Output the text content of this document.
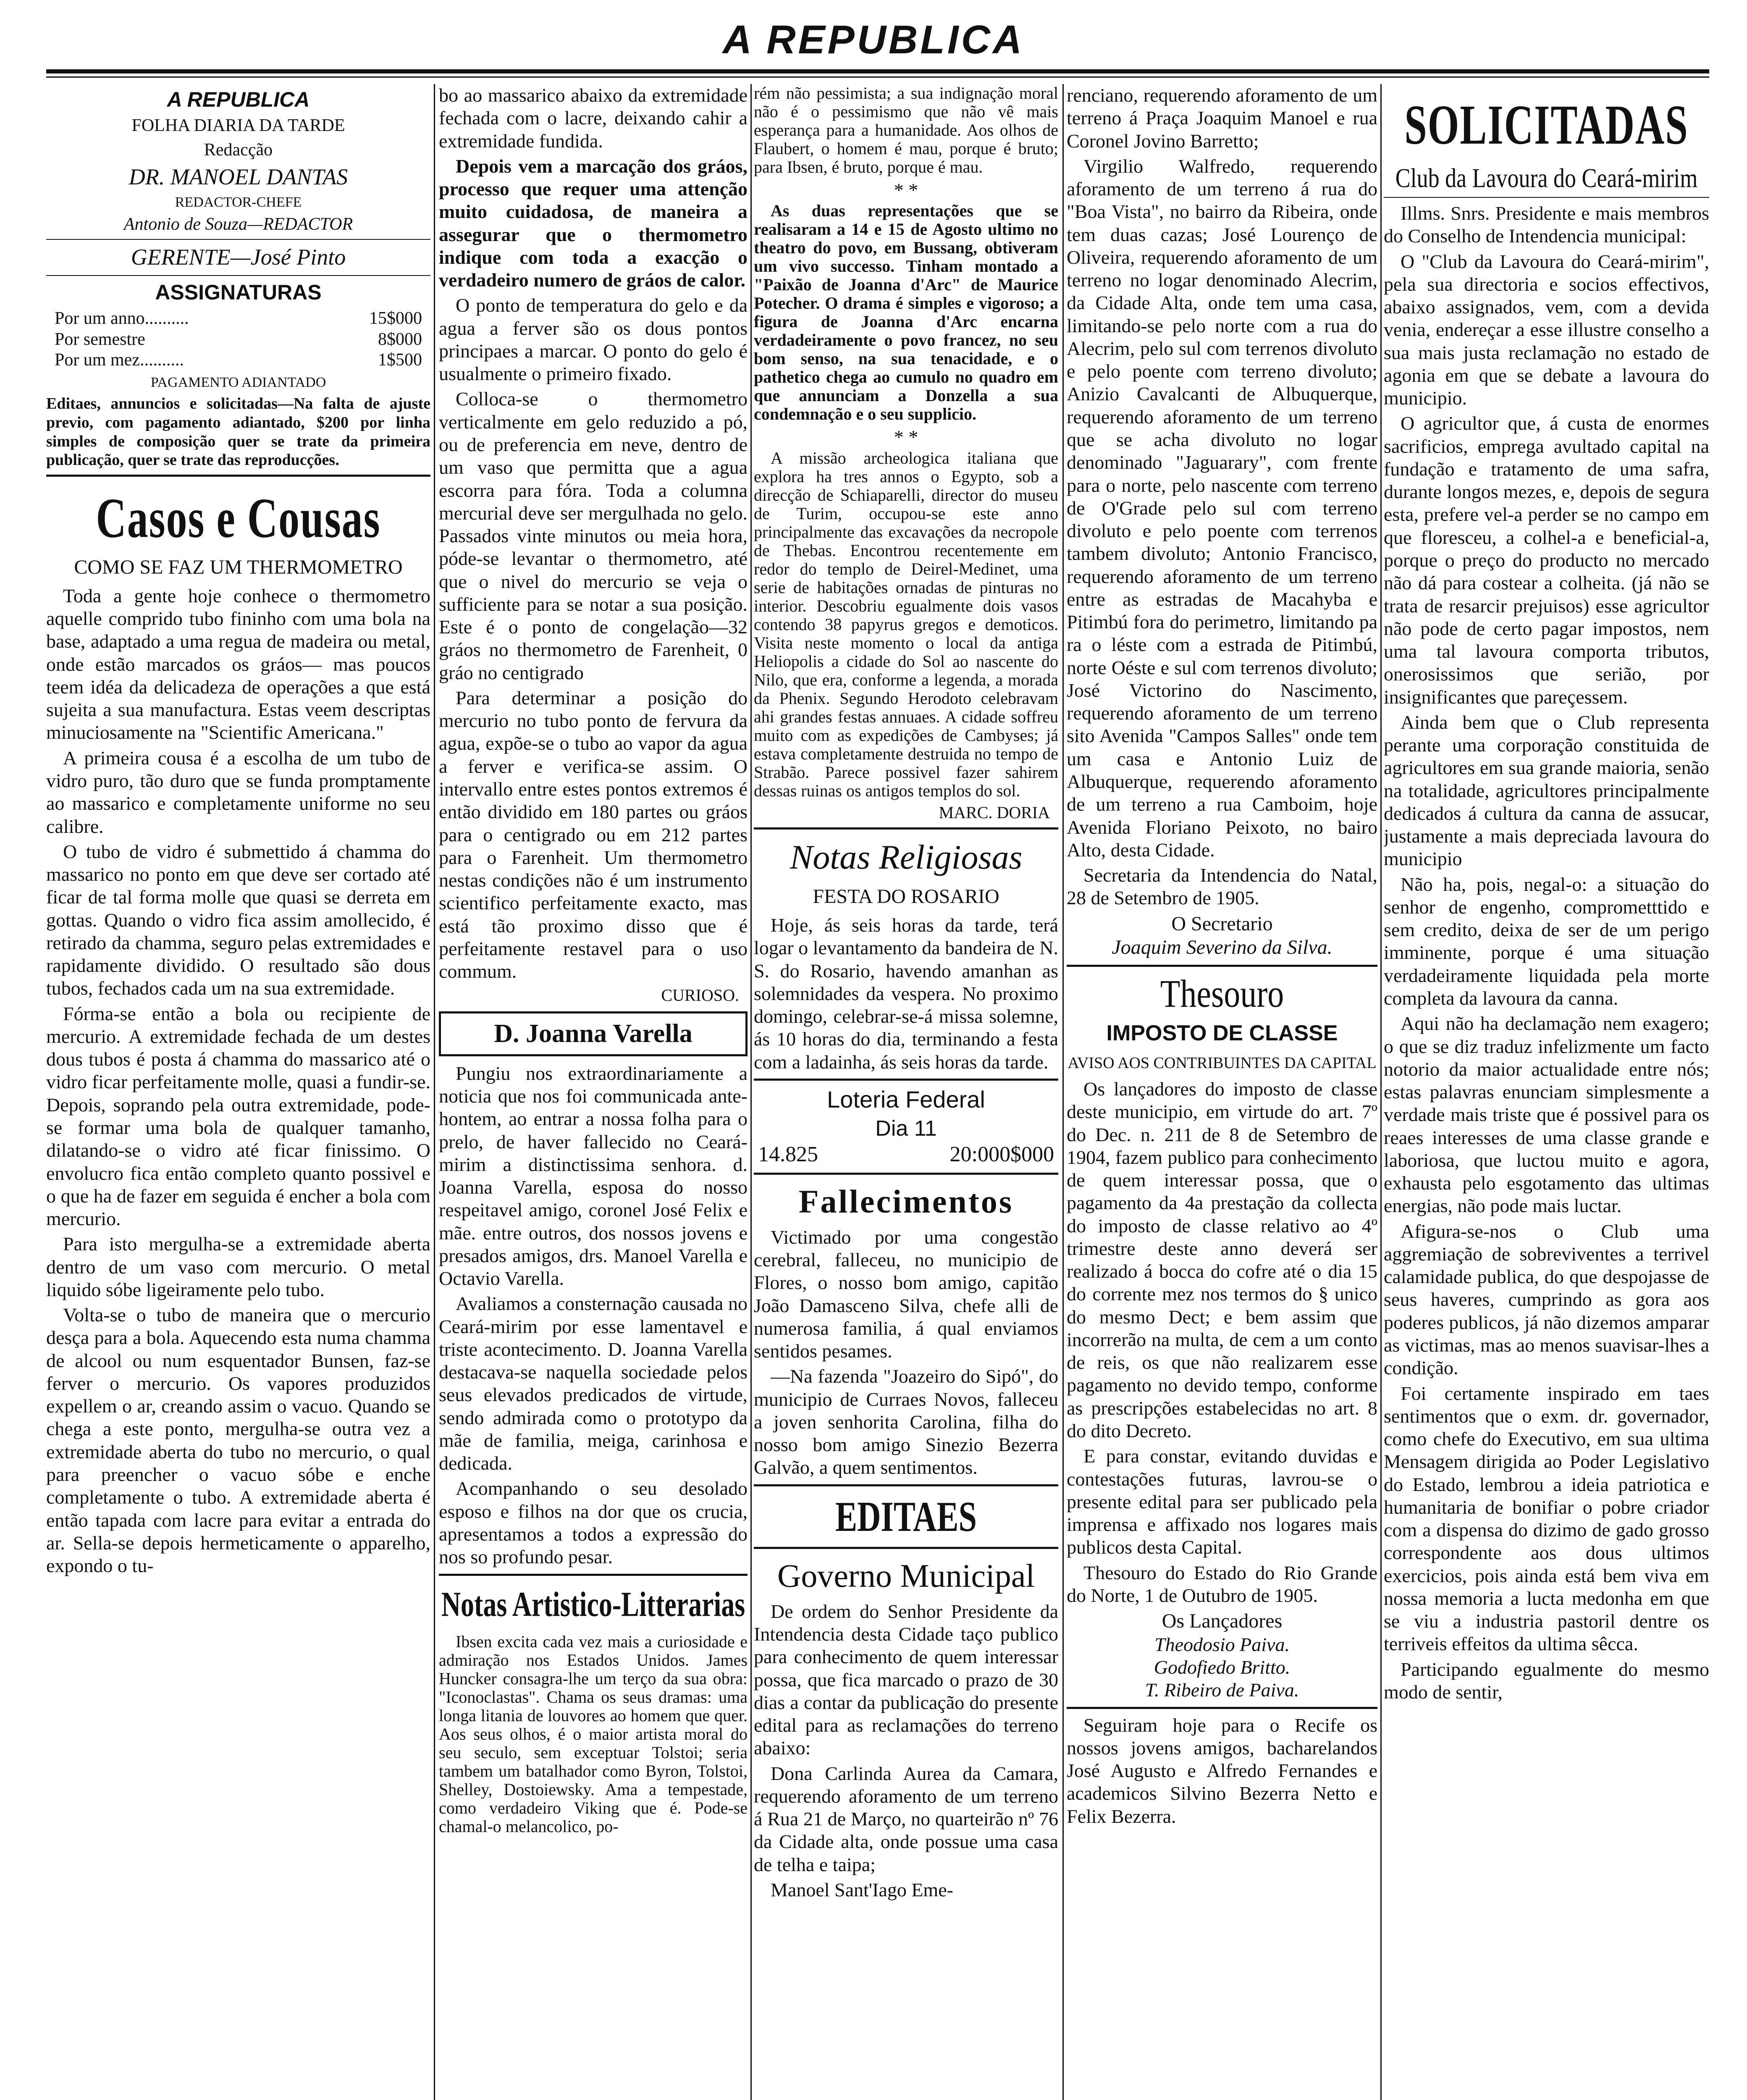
A REPUBLICA
A REPUBLICA
FOLHA DIARIA DA TARDE
Redacção
DR. MANOEL DANTAS
REDACTOR-CHEFE
Antonio de Souza—REDACTOR
GERENTE—José Pinto
ASSIGNATURAS
Por um anno..........	15$000
Por semestre	8$000
Por um mez..........	1$500
PAGAMENTO ADIANTADO

Editaes, annuncios e solicitadas—Na falta de ajuste previo, com pagamento adiantado, $200 por linha simples de composição quer se trate da primeira publicação, quer se trate das reproducções.

Casos e Cousas
COMO SE FAZ UM THERMOMETRO

Toda a gente hoje conhece o thermometro aquelle comprido tubo fininho com uma bola na base, adaptado a uma regua de madeira ou metal, onde estão marcados os gráos— mas poucos teem idéa da delicadeza de operações a que está sujeita a sua manufactura. Estas veem descriptas minuciosamente na "Scientific Americana."

A primeira cousa é a escolha de um tubo de vidro puro, tão duro que se funda promptamente ao massarico e completamente uniforme no seu calibre.

O tubo de vidro é submettido á chamma do massarico no ponto em que deve ser cortado até ficar de tal forma molle que quasi se derreta em gottas. Quando o vidro fica assim amollecido, é retirado da chamma, seguro pelas extremidades e rapidamente dividido. O resultado são dous tubos, fechados cada um na sua extremidade.

Fórma-se então a bola ou recipiente de mercurio. A extremidade fechada de um destes dous tubos é posta á chamma do massarico até o vidro ficar perfeitamente molle, quasi a fundir-se. Depois, soprando pela outra extremidade, pode-se formar uma bola de qualquer tamanho, dilatando-se o vidro até ficar finissimo. O envolucro fica então completo quanto possivel e o que ha de fazer em seguida é encher a bola com mercurio.

Para isto mergulha-se a extremidade aberta dentro de um vaso com mercurio. O metal liquido sóbe ligeiramente pelo tubo.

Volta-se o tubo de maneira que o mercurio desça para a bola. Aquecendo esta numa chamma de alcool ou num esquentador Bunsen, faz-se ferver o mercurio. Os vapores produzidos expellem o ar, creando assim o vacuo. Quando se chega a este ponto, mergulha-se outra vez a extremidade aberta do tubo no mercurio, o qual para preencher o vacuo sóbe e enche completamente o tubo. A extremidade aberta é então tapada com lacre para evitar a entrada do ar. Sella-se depois hermeticamente o apparelho, expondo o tu-

bo ao massarico abaixo da extremidade fechada com o lacre, deixando cahir a extremidade fundida.

Depois vem a marcação dos gráos, processo que requer uma attenção muito cuidadosa, de maneira a assegurar que o thermometro indique com toda a exacção o verdadeiro numero de gráos de calor.

O ponto de temperatura do gelo e da agua a ferver são os dous pontos principaes a marcar. O ponto do gelo é usualmente o primeiro fixado.

Colloca-se o thermometro verticalmente em gelo reduzido a pó, ou de preferencia em neve, dentro de um vaso que permitta que a agua escorra para fóra. Toda a columna mercurial deve ser mergulhada no gelo. Passados vinte minutos ou meia hora, póde-se levantar o thermometro, até que o nivel do mercurio se veja o sufficiente para se notar a sua posição. Este é o ponto de congelação—32 gráos no thermometro de Farenheit, 0 gráo no centigrado

Para determinar a posição do mercurio no tubo ponto de fervura da agua, expõe-se o tubo ao vapor da agua a ferver e verifica-se assim. O intervallo entre estes pontos extremos é então dividido em 180 partes ou gráos para o centigrado ou em 212 partes para o Farenheit. Um thermometro nestas condições não é um instrumento scientifico perfeitamente exacto, mas está tão proximo disso que é perfeitamente restavel para o uso commum.

CURIOSO.
D. Joanna Varella

Pungiu nos extraordinariamente a noticia que nos foi communicada ante-hontem, ao entrar a nossa folha para o prelo, de haver fallecido no Ceará-mirim a distinctissima senhora. d. Joanna Varella, esposa do nosso respeitavel amigo, coronel José Felix e mãe. entre outros, dos nossos jovens e presados amigos, drs. Manoel Varella e Octavio Varella.

Avaliamos a consternação causada no Ceará-mirim por esse lamentavel e triste acontecimento. D. Joanna Varella destacava-se naquella sociedade pelos seus elevados predicados de virtude, sendo admirada como o prototypo da mãe de familia, meiga, carinhosa e dedicada.

Acompanhando o seu desolado esposo e filhos na dor que os crucia, apresentamos a todos a expressão do nos so profundo pesar.

Notas Artistico-Litterarias

Ibsen excita cada vez mais a curiosidade e admiração nos Estados Unidos. James Huncker consagra-lhe um terço da sua obra: "Iconoclastas". Chama os seus dramas: uma longa litania de louvores ao homem que quer. Aos seus olhos, é o maior artista moral do seu seculo, sem exceptuar Tolstoi; seria tambem um batalhador como Byron, Tolstoi, Shelley, Dostoiewsky. Ama a tempestade, como verdadeiro Viking que é. Pode-se chamal-o melancolico, po-

rém não pessimista; a sua indignação moral não é o pessimismo que não vê mais esperança para a humanidade. Aos olhos de Flaubert, o homem é mau, porque é bruto; para Ibsen, é bruto, porque é mau.

* *

As duas representações que se realisaram a 14 e 15 de Agosto ultimo no theatro do povo, em Bussang, obtiveram um vivo successo. Tinham montado a "Paixão de Joanna d'Arc" de Maurice Potecher. O drama é simples e vigoroso; a figura de Joanna d'Arc encarna verdadeiramente o povo francez, no seu bom senso, na sua tenacidade, e o pathetico chega ao cumulo no quadro em que annunciam a Donzella a sua condemnação e o seu supplicio.

* *

A missão archeologica italiana que explora ha tres annos o Egypto, sob a direcção de Schiaparelli, director do museu de Turim, occupou-se este anno principalmente das excavações da necropole de Thebas. Encontrou recentemente em redor do templo de Deirel-Medinet, uma serie de habitações ornadas de pinturas no interior. Descobriu egualmente dois vasos contendo 38 papyrus gregos e demoticos. Visita neste momento o local da antiga Heliopolis a cidade do Sol ao nascente do Nilo, que era, conforme a legenda, a morada da Phenix. Segundo Herodoto celebravam ahi grandes festas annuaes. A cidade soffreu muito com as expedições de Cambyses; já estava completamente destruida no tempo de Strabão. Parece possivel fazer sahirem dessas ruinas os antigos templos do sol.

MARC. DORIA
Notas Religiosas
FESTA DO ROSARIO

Hoje, ás seis horas da tarde, terá logar o levantamento da bandeira de N. S. do Rosario, havendo amanhan as solemnidades da vespera. No proximo domingo, celebrar-se-á missa solemne, ás 10 horas do dia, terminando a festa com a ladainha, ás seis horas da tarde.

Loteria Federal
Dia 11
14.825	20:000$000
Fallecimentos

Victimado por uma congestão cerebral, falleceu, no municipio de Flores, o nosso bom amigo, capitão João Damasceno Silva, chefe alli de numerosa familia, á qual enviamos sentidos pesames.

—Na fazenda "Joazeiro do Sipó", do municipio de Curraes Novos, falleceu a joven senhorita Carolina, filha do nosso bom amigo Sinezio Bezerra Galvão, a quem sentimentos.

EDITAES
Governo Municipal

De ordem do Senhor Presidente da Intendencia desta Cidade taço publico para conhecimento de quem interessar possa, que fica marcado o prazo de 30 dias a contar da publicação do presente edital para as reclamações do terreno abaixo:

Dona Carlinda Aurea da Camara, requerendo aforamento de um terreno á Rua 21 de Março, no quarteirão nº 76 da Cidade alta, onde possue uma casa de telha e taipa;

Manoel Sant'Iago Eme-

renciano, requerendo aforamento de um terreno á Praça Joaquim Manoel e rua Coronel Jovino Barretto;

Virgilio Walfredo, requerendo aforamento de um terreno á rua do "Boa Vista", no bairro da Ribeira, onde tem duas cazas; José Lourenço de Oliveira, requerendo aforamento de um terreno no logar denominado Alecrim, da Cidade Alta, onde tem uma casa, limitando-se pelo norte com a rua do Alecrim, pelo sul com terrenos divoluto e pelo poente com terreno divoluto; Anizio Cavalcanti de Albuquerque, requerendo aforamento de um terreno que se acha divoluto no logar denominado "Jaguarary", com frente para o norte, pelo nascente com terreno de O'Grade pelo sul com terreno divoluto e pelo poente com terrenos tambem divoluto; Antonio Francisco, requerendo aforamento de um terreno entre as estradas de Macahyba e Pitimbú fora do perimetro, limitando pa ra o léste com a estrada de Pitimbú, norte Oéste e sul com terrenos divoluto; José Victorino do Nascimento, requerendo aforamento de um terreno sito Avenida "Campos Salles" onde tem um casa e Antonio Luiz de Albuquerque, requerendo aforamento de um terreno a rua Camboim, hoje Avenida Floriano Peixoto, no bairo Alto, desta Cidade.

Secretaria da Intendencia do Natal, 28 de Setembro de 1905.

O Secretario
Joaquim Severino da Silva.
Thesouro
IMPOSTO DE CLASSE
AVISO AOS CONTRIBUINTES DA CAPITAL

Os lançadores do imposto de classe deste municipio, em virtude do art. 7º do Dec. n. 211 de 8 de Setembro de 1904, fazem publico para conhecimento de quem interessar possa, que o pagamento da 4a prestação da collecta do imposto de classe relativo ao 4º trimestre deste anno deverá ser realizado á bocca do cofre até o dia 15 do corrente mez nos termos do § unico do mesmo Dect; e bem assim que incorrerão na multa, de cem a um conto de reis, os que não realizarem esse pagamento no devido tempo, conforme as prescripções estabelecidas no art. 8 do dito Decreto.

E para constar, evitando duvidas e contestações futuras, lavrou-se o presente edital para ser publicado pela imprensa e affixado nos logares mais publicos desta Capital.

Thesouro do Estado do Rio Grande do Norte, 1 de Outubro de 1905.

Os Lançadores
Theodosio Paiva.
Godofiedo Britto.
T. Ribeiro de Paiva.

Seguiram hoje para o Recife os nossos jovens amigos, bacharelandos José Augusto e Alfredo Fernandes e academicos Silvino Bezerra Netto e Felix Bezerra.

SOLICITADAS
Club da Lavoura do Ceará-mirim

Illms. Snrs. Presidente e mais membros do Conselho de Intendencia municipal:

O "Club da Lavoura do Ceará-mirim", pela sua directoria e socios effectivos, abaixo assignados, vem, com a devida venia, endereçar a esse illustre conselho a sua mais justa reclamação no estado de agonia em que se debate a lavoura do municipio.

O agricultor que, á custa de enormes sacrificios, emprega avultado capital na fundação e tratamento de uma safra, durante longos mezes, e, depois de segura esta, prefere vel-a perder se no campo em que floresceu, a colhel-a e beneficial-a, porque o preço do producto no mercado não dá para costear a colheita. (já não se trata de resarcir prejuisos) esse agricultor não pode de certo pagar impostos, nem uma tal lavoura comporta tributos, onerosissimos que serião, por insignificantes que pareçessem.

Ainda bem que o Club representa perante uma corporação constituida de agricultores em sua grande maioria, senão na totalidade, agricultores principalmente dedicados á cultura da canna de assucar, justamente a mais depreciada lavoura do municipio

Não ha, pois, negal-o: a situação do senhor de engenho, comprometttido e sem credito, deixa de ser de um perigo imminente, porque é uma situação verdadeiramente liquidada pela morte completa da lavoura da canna.

Aqui não ha declamação nem exagero; o que se diz traduz infelizmente um facto notorio da maior actualidade entre nós; estas palavras enunciam simplesmente a verdade mais triste que é possivel para os reaes interesses de uma classe grande e laboriosa, que luctou muito e agora, exhausta pelo esgotamento das ultimas energias, não pode mais luctar.

Afigura-se-nos o Club uma aggremiação de sobreviventes a terrivel calamidade publica, do que despojasse de seus haveres, cumprindo as gora aos poderes publicos, já não dizemos amparar as victimas, mas ao menos suavisar-lhes a condição.

Foi certamente inspirado em taes sentimentos que o exm. dr. governador, como chefe do Executivo, em sua ultima Mensagem dirigida ao Poder Legislativo do Estado, lembrou a ideia patriotica e humanitaria de bonifiar o pobre criador com a dispensa do dizimo de gado grosso correspondente aos dous ultimos exercicios, pois ainda está bem viva em nossa memoria a lucta medonha em que se viu a industria pastoril dentre os terriveis effeitos da ultima sêcca.

Participando egualmente do mesmo modo de sentir,
